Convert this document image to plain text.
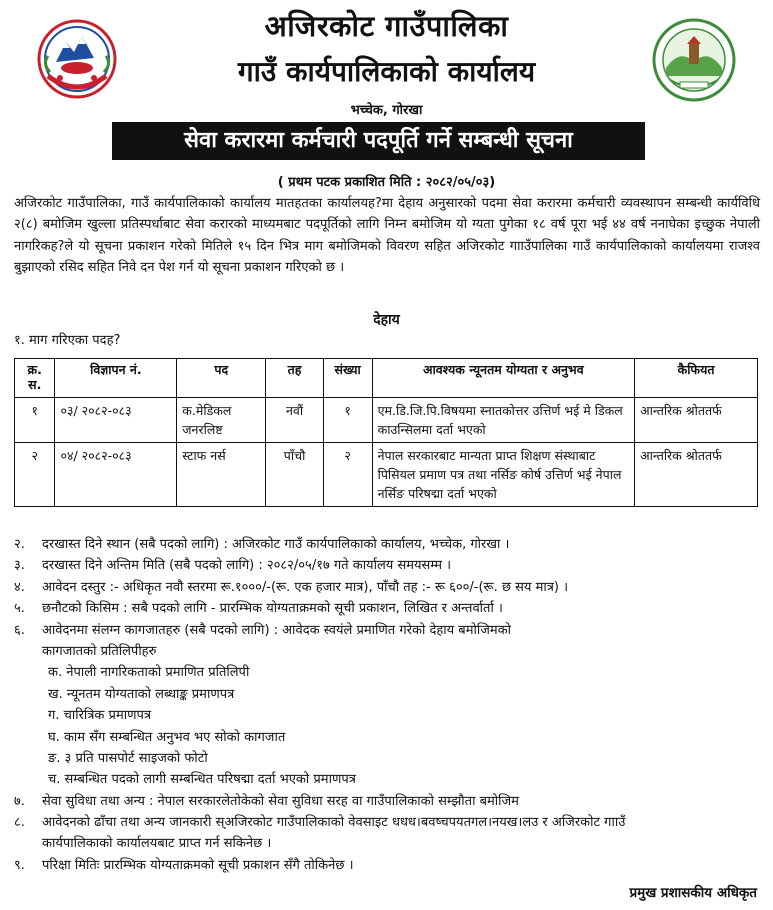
अजिरकोट गाउँपालिका
गाउँ कार्यपालिकाको कार्यालय
भच्चेक, गोरखा
सेवा करारमा कर्मचारी पदपूर्ति गर्ने सम्बन्धी सूचना
( प्रथम पटक प्रकाशित मिति : २०८२/०५/०३)
अजिरकोट गाउँपालिका, गाउँ कार्यपालिकाको कार्यालय मातहतका कार्यालयह?मा देहाय अनुसारको पदमा सेवा करारमा कर्मचारी व्यवस्थापन सम्बन्धी कार्यविधि २(८) बमोजिम खुल्ला प्रतिस्पर्धाबाट सेवा करारको माध्यमबाट पदपूर्तिको लागि निम्न बमोजिम यो ग्यता पुगेका १८ वर्ष पूरा भई ४४ वर्ष ननाघेका इच्छुक नेपाली नागरिकह?ले यो सूचना प्रकाशन गरेको मितिले १५ दिन भित्र माग बमोजिमको विवरण सहित अजिरकोट गााउँपालिका गाउँ कार्यपालिकाको कार्यालयमा राजश्व बुझाएको रसिद सहित निवे दन पेश गर्न यो सूचना प्रकाशन गरिएको छ ।
देहाय
१. माग गरिएका पदह?
क्र. स.	विज्ञापन नं.	पद	तह	संख्या	आवश्यक न्यूनतम योग्यता र अनुभव	कैफियत
१	०३/ २०८२-०८३	क.मेडिकल जनरलिष्ट	नवौं	१	एम.डि.जि.पि.विषयमा स्नातकोत्तर उत्तिर्ण भई मे डिकल काउन्सिलमा दर्ता भएको	आन्तरिक श्रोततर्फ
२	०४/ २०८२-०८३	स्टाफ नर्स	पाँचौ	२	नेपाल सरकारबाट मान्यता प्राप्त शिक्षण संस्थाबाट पिसियल प्रमाण पत्र तथा नर्सिङ कोर्ष उत्तिर्ण भई नेपाल नर्सिङ परिषद्मा दर्ता भएको	आन्तरिक श्रोततर्फ
२.	दरखास्त दिने स्थान (सबै पदको लागि) : अजिरकोट गाउँ कार्यपालिकाको कार्यालय, भच्चेक, गोरखा ।
३.	दरखास्त दिने अन्तिम मिति (सबै पदको लागि) : २०८२/०५/१७ गते कार्यालय समयसम्म ।
४.	आवेदन दस्तुर :- अधिकृत नवौ स्तरमा रू.१०००/-(रू. एक हजार मात्र), पाँचौ तह :- रू ६००/-(रू. छ सय मात्र) ।
५.	छनौटको किसिम : सबै पदको लागि - प्रारम्भिक योग्यताक्रमको सूची प्रकाशन, लिखित र अन्तर्वार्ता ।
६.	आवेदनमा संलग्न कागजातहरु (सबै पदको लागि) : आवेदक स्वयंले प्रमाणित गरेको देहाय बमोजिमको
कागजातको प्रतिलिपीहरु
क. नेपाली नागरिकताको प्रमाणित प्रतिलिपी
ख. न्यूनतम योग्यताको लब्धाङ्क प्रमाणपत्र
ग. चारित्रिक प्रमाणपत्र
घ. काम सँग सम्बन्धित अनुभव भए सोको कागजात
ङ. ३ प्रति पासपोर्ट साइजको फोटो
च. सम्बन्धित पदको लागी सम्बन्धित परिषद्मा दर्ता भएको प्रमाणपत्र
७.	सेवा सुविधा तथा अन्य : नेपाल सरकारलेतोकेको सेवा सुविधा सरह वा गाउँपालिकाको सम्झौता बमोजिम
८.	आवेदनको ढाँचा तथा अन्य जानकारी स्अजिरकोट गाउँपालिकाको वेवसाइट धधध।बवष्चपयतगल।नयख।लउ र अजिरकोट गााउँ
कार्यपालिकाको कार्यालयबाट प्राप्त गर्न सकिनेछ ।
९.	परिक्षा मितिः प्रारम्भिक योग्यताक्रमको सूची प्रकाशन सँगै तोकिनेछ ।
प्रमुख प्रशासकीय अधिकृत
